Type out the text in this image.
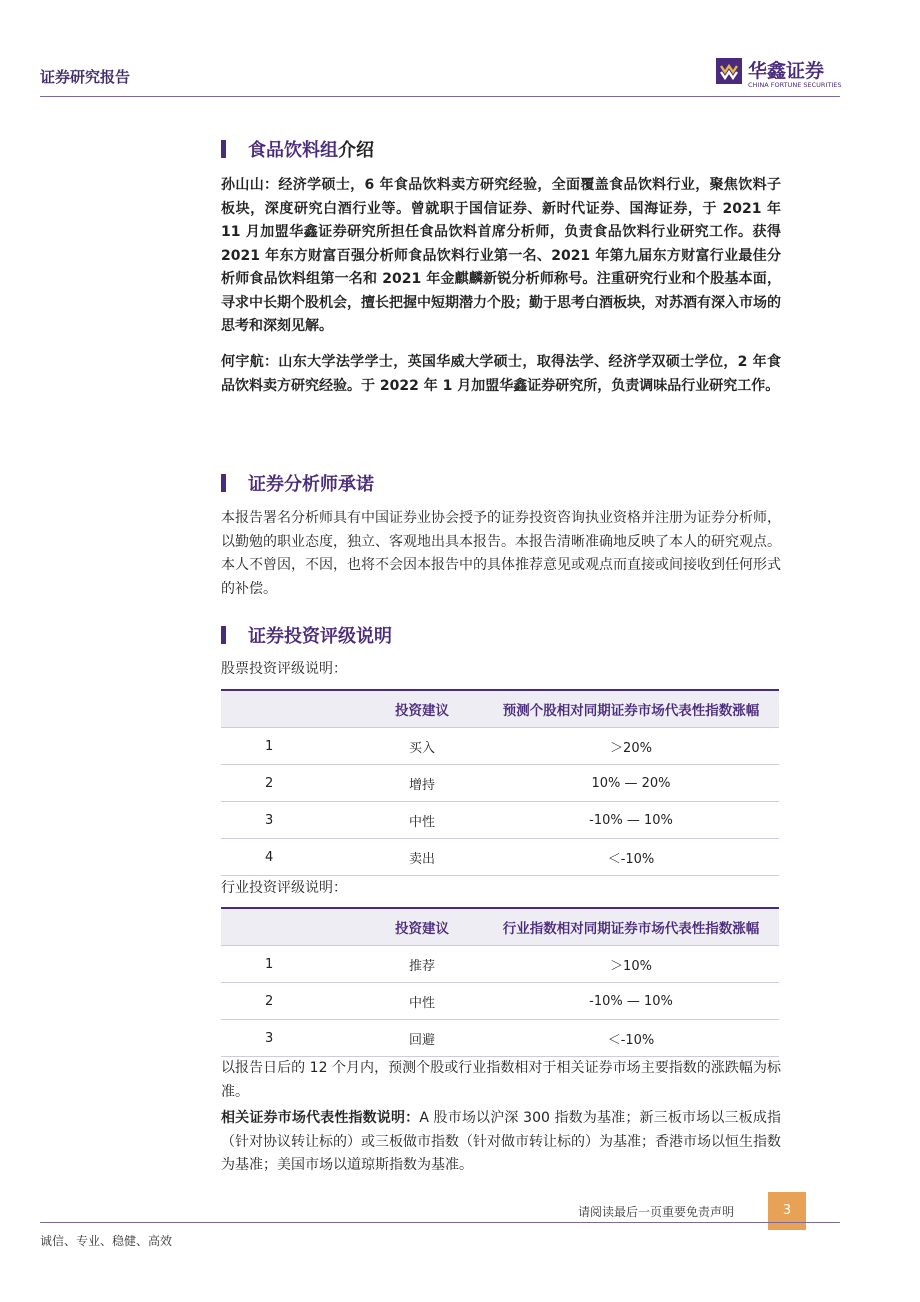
证券研究报告	华鑫证券
CHINA FORTUNE SECURITIES
食品饮料组介绍

孙山山：经济学硕士，6 年食品饮料卖方研究经验，全面覆盖食品饮料行业，聚焦饮料子板块，深度研究白酒行业等。曾就职于国信证券、新时代证券、国海证券，于 2021 年 11 月加盟华鑫证券研究所担任食品饮料首席分析师，负责食品饮料行业研究工作。获得 2021 年东方财富百强分析师食品饮料行业第一名、2021 年第九届东方财富行业最佳分析师食品饮料组第一名和 2021 年金麒麟新锐分析师称号。注重研究行业和个股基本面，寻求中长期个股机会，擅长把握中短期潜力个股；勤于思考白酒板块，对苏酒有深入市场的思考和深刻见解。

何宇航：山东大学法学学士，英国华威大学硕士，取得法学、经济学双硕士学位，2 年食品饮料卖方研究经验。于 2022 年 1 月加盟华鑫证券研究所，负责调味品行业研究工作。

证券分析师承诺

本报告署名分析师具有中国证券业协会授予的证券投资咨询执业资格并注册为证券分析师，以勤勉的职业态度，独立、客观地出具本报告。本报告清晰准确地反映了本人的研究观点。本人不曾因，不因，也将不会因本报告中的具体推荐意见或观点而直接或间接收到任何形式的补偿。

证券投资评级说明
股票投资评级说明：
	投资建议	预测个股相对同期证券市场代表性指数涨幅
1	买入	＞20%
2	增持	10% — 20%
3	中性	-10% — 10%
4	卖出	＜-10%
行业投资评级说明：
	投资建议	行业指数相对同期证券市场代表性指数涨幅
1	推荐	＞10%
2	中性	-10% — 10%
3	回避	＜-10%

以报告日后的 12 个月内，预测个股或行业指数相对于相关证券市场主要指数的涨跌幅为标准。

相关证券市场代表性指数说明：A 股市场以沪深 300 指数为基准；新三板市场以三板成指（针对协议转让标的）或三板做市指数（针对做市转让标的）为基准；香港市场以恒生指数为基准；美国市场以道琼斯指数为基准。

请阅读最后一页重要免责声明	3
诚信、专业、稳健、高效
